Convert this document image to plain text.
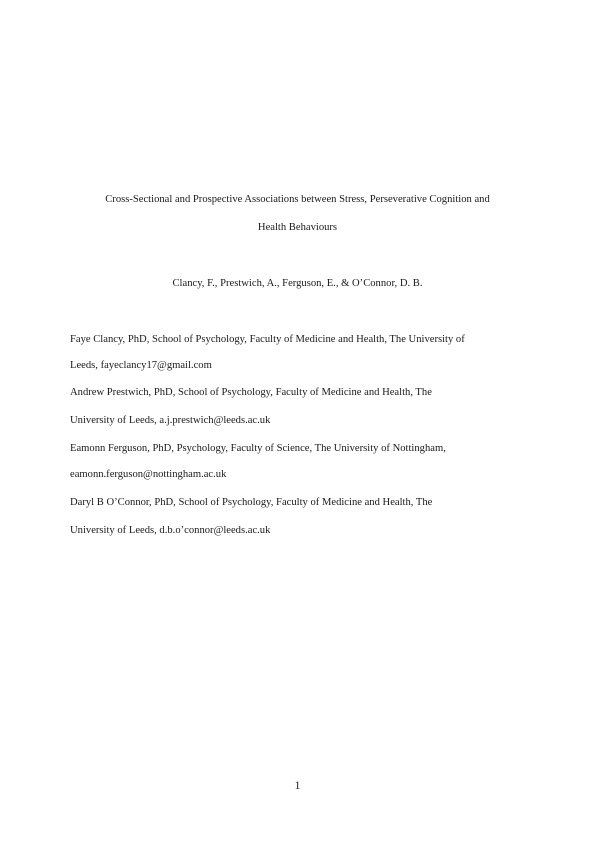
Cross-Sectional and Prospective Associations between Stress, Perseverative Cognition and
Health Behaviours
Clancy, F., Prestwich, A., Ferguson, E., & O’Connor, D. B.
Faye Clancy, PhD, School of Psychology, Faculty of Medicine and Health, The University of
Leeds, fayeclancy17@gmail.com
Andrew Prestwich, PhD, School of Psychology, Faculty of Medicine and Health, The
University of Leeds, a.j.prestwich@leeds.ac.uk
Eamonn Ferguson, PhD, Psychology, Faculty of Science, The University of Nottingham,
eamonn.ferguson@nottingham.ac.uk
Daryl B O’Connor, PhD, School of Psychology, Faculty of Medicine and Health, The
University of Leeds, d.b.o’connor@leeds.ac.uk
1
